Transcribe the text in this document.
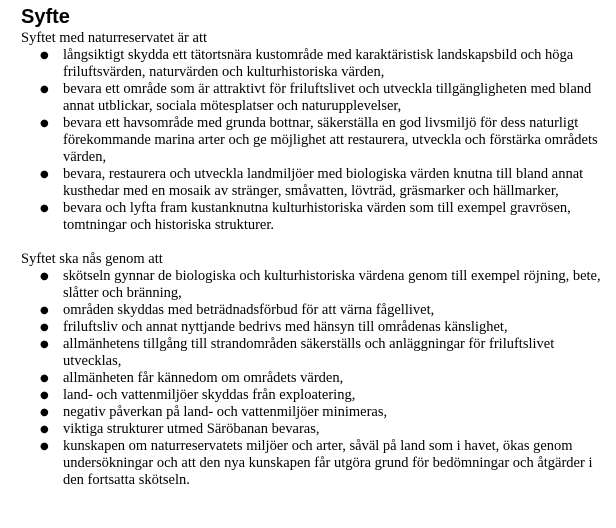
Syfte

Syftet med naturreservatet är att

● långsiktigt skydda ett tätortsnära kustområde med karaktäristisk landskapsbild och höga friluftsvärden, naturvärden och kulturhistoriska värden,
● bevara ett område som är attraktivt för friluftslivet och utveckla tillgängligheten med bland annat utblickar, sociala mötesplatser och naturupplevelser,
● bevara ett havsområde med grunda bottnar, säkerställa en god livsmiljö för dess naturligt förekommande marina arter och ge möjlighet att restaurera, utveckla och förstärka områdets värden,
● bevara, restaurera och utveckla landmiljöer med biologiska värden knutna till bland annat kusthedar med en mosaik av stränger, småvatten, lövträd, gräsmarker och hällmarker,
● bevara och lyfta fram kustanknutna kulturhistoriska värden som till exempel gravrösen, tomtningar och historiska strukturer.

Syftet ska nås genom att

● skötseln gynnar de biologiska och kulturhistoriska värdena genom till exempel röjning, bete, slåtter och bränning,
● områden skyddas med beträdnadsförbud för att värna fågellivet,
● friluftsliv och annat nyttjande bedrivs med hänsyn till områdenas känslighet,
● allmänhetens tillgång till strandområden säkerställs och anläggningar för friluftslivet utvecklas,
● allmänheten får kännedom om områdets värden,
● land- och vattenmiljöer skyddas från exploatering,
● negativ påverkan på land- och vattenmiljöer minimeras,
● viktiga strukturer utmed Säröbanan bevaras,
● kunskapen om naturreservatets miljöer och arter, såväl på land som i havet, ökas genom undersökningar och att den nya kunskapen får utgöra grund för bedömningar och åtgärder i den fortsatta skötseln.
